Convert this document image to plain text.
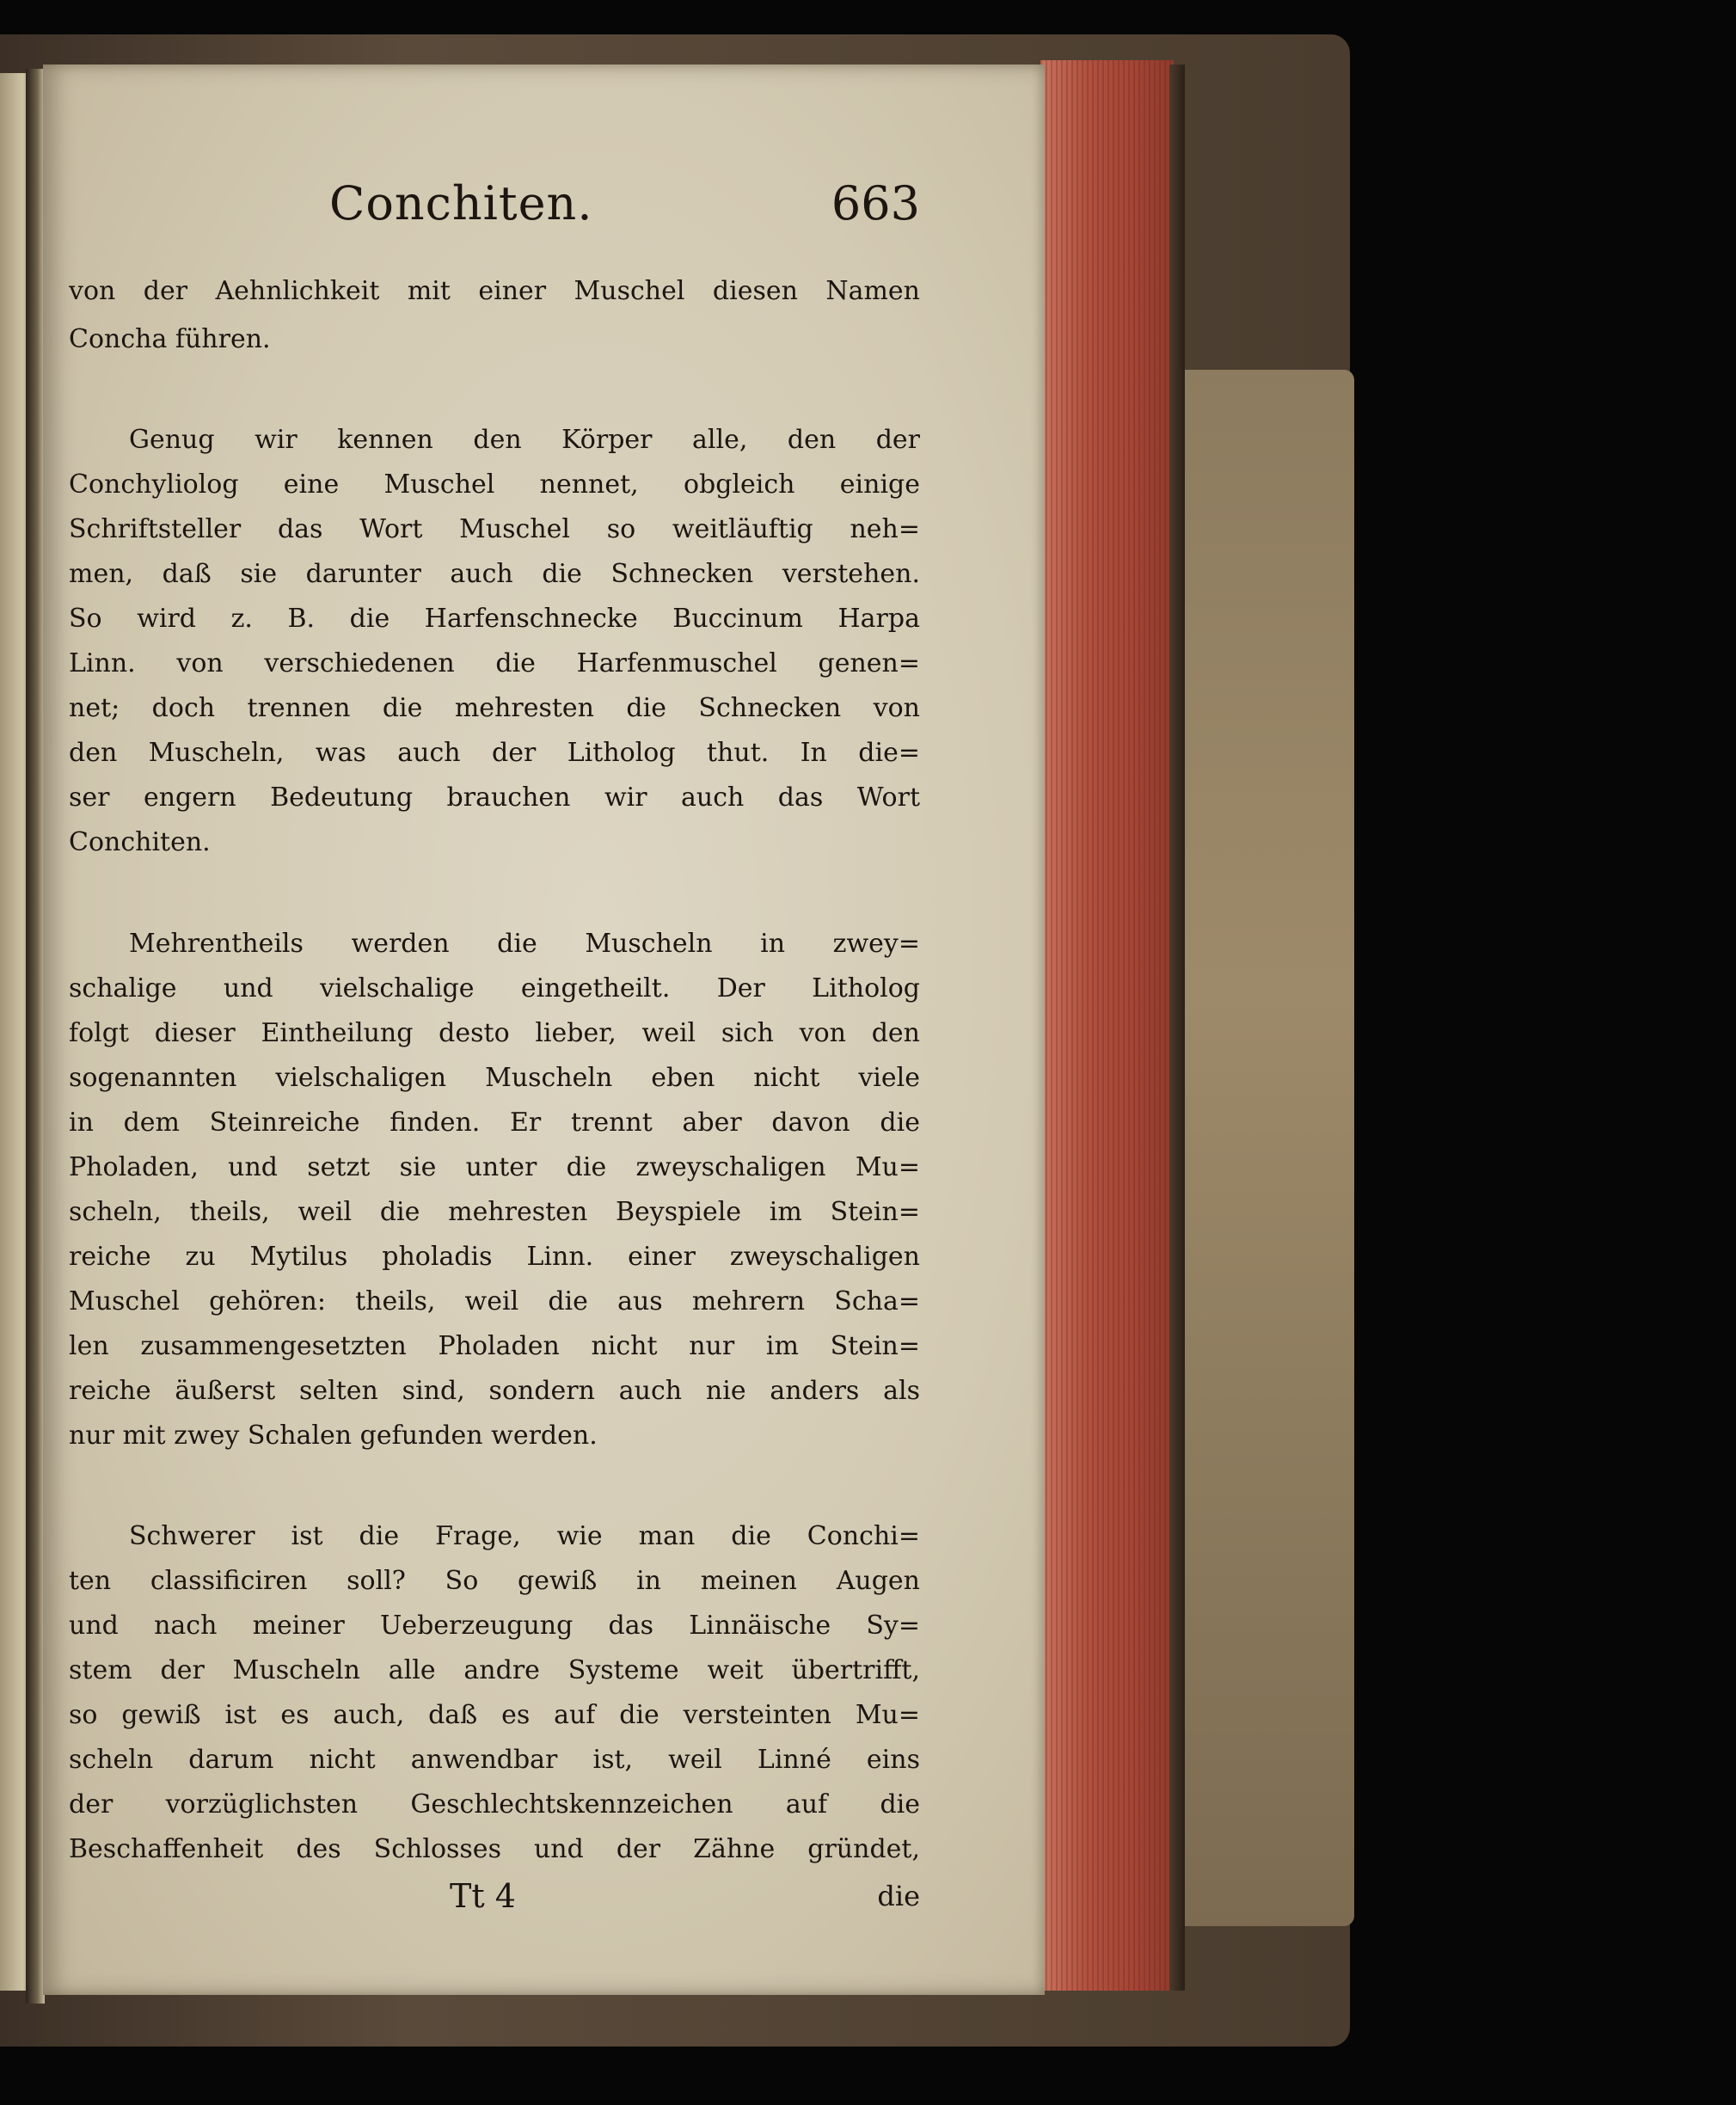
Conchiten.	663
von der Aehnlichkeit mit einer Muschel diesen Namen
Concha führen.
Genug wir kennen den Körper alle, den der
Conchyliolog eine Muschel nennet, obgleich einige
Schriftsteller das Wort Muschel so weitläuftig neh=
men, daß sie darunter auch die Schnecken verstehen.
So wird z. B. die Harfenschnecke Buccinum Harpa
Linn. von verschiedenen die Harfenmuschel genen=
net; doch trennen die mehresten die Schnecken von
den Muscheln, was auch der Litholog thut. In die=
ser engern Bedeutung brauchen wir auch das Wort
Conchiten.
Mehrentheils werden die Muscheln in zwey=
schalige und vielschalige eingetheilt. Der Litholog
folgt dieser Eintheilung desto lieber, weil sich von den
sogenannten vielschaligen Muscheln eben nicht viele
in dem Steinreiche finden. Er trennt aber davon die
Pholaden, und setzt sie unter die zweyschaligen Mu=
scheln, theils, weil die mehresten Beyspiele im Stein=
reiche zu Mytilus pholadis Linn. einer zweyschaligen
Muschel gehören: theils, weil die aus mehrern Scha=
len zusammengesetzten Pholaden nicht nur im Stein=
reiche äußerst selten sind, sondern auch nie anders als
nur mit zwey Schalen gefunden werden.
Schwerer ist die Frage, wie man die Conchi=
ten classificiren soll? So gewiß in meinen Augen
und nach meiner Ueberzeugung das Linnäische Sy=
stem der Muscheln alle andre Systeme weit übertrifft,
so gewiß ist es auch, daß es auf die versteinten Mu=
scheln darum nicht anwendbar ist, weil Linné eins
der vorzüglichsten Geschlechtskennzeichen auf die
Beschaffenheit des Schlosses und der Zähne gründet,
Tt 4	die
